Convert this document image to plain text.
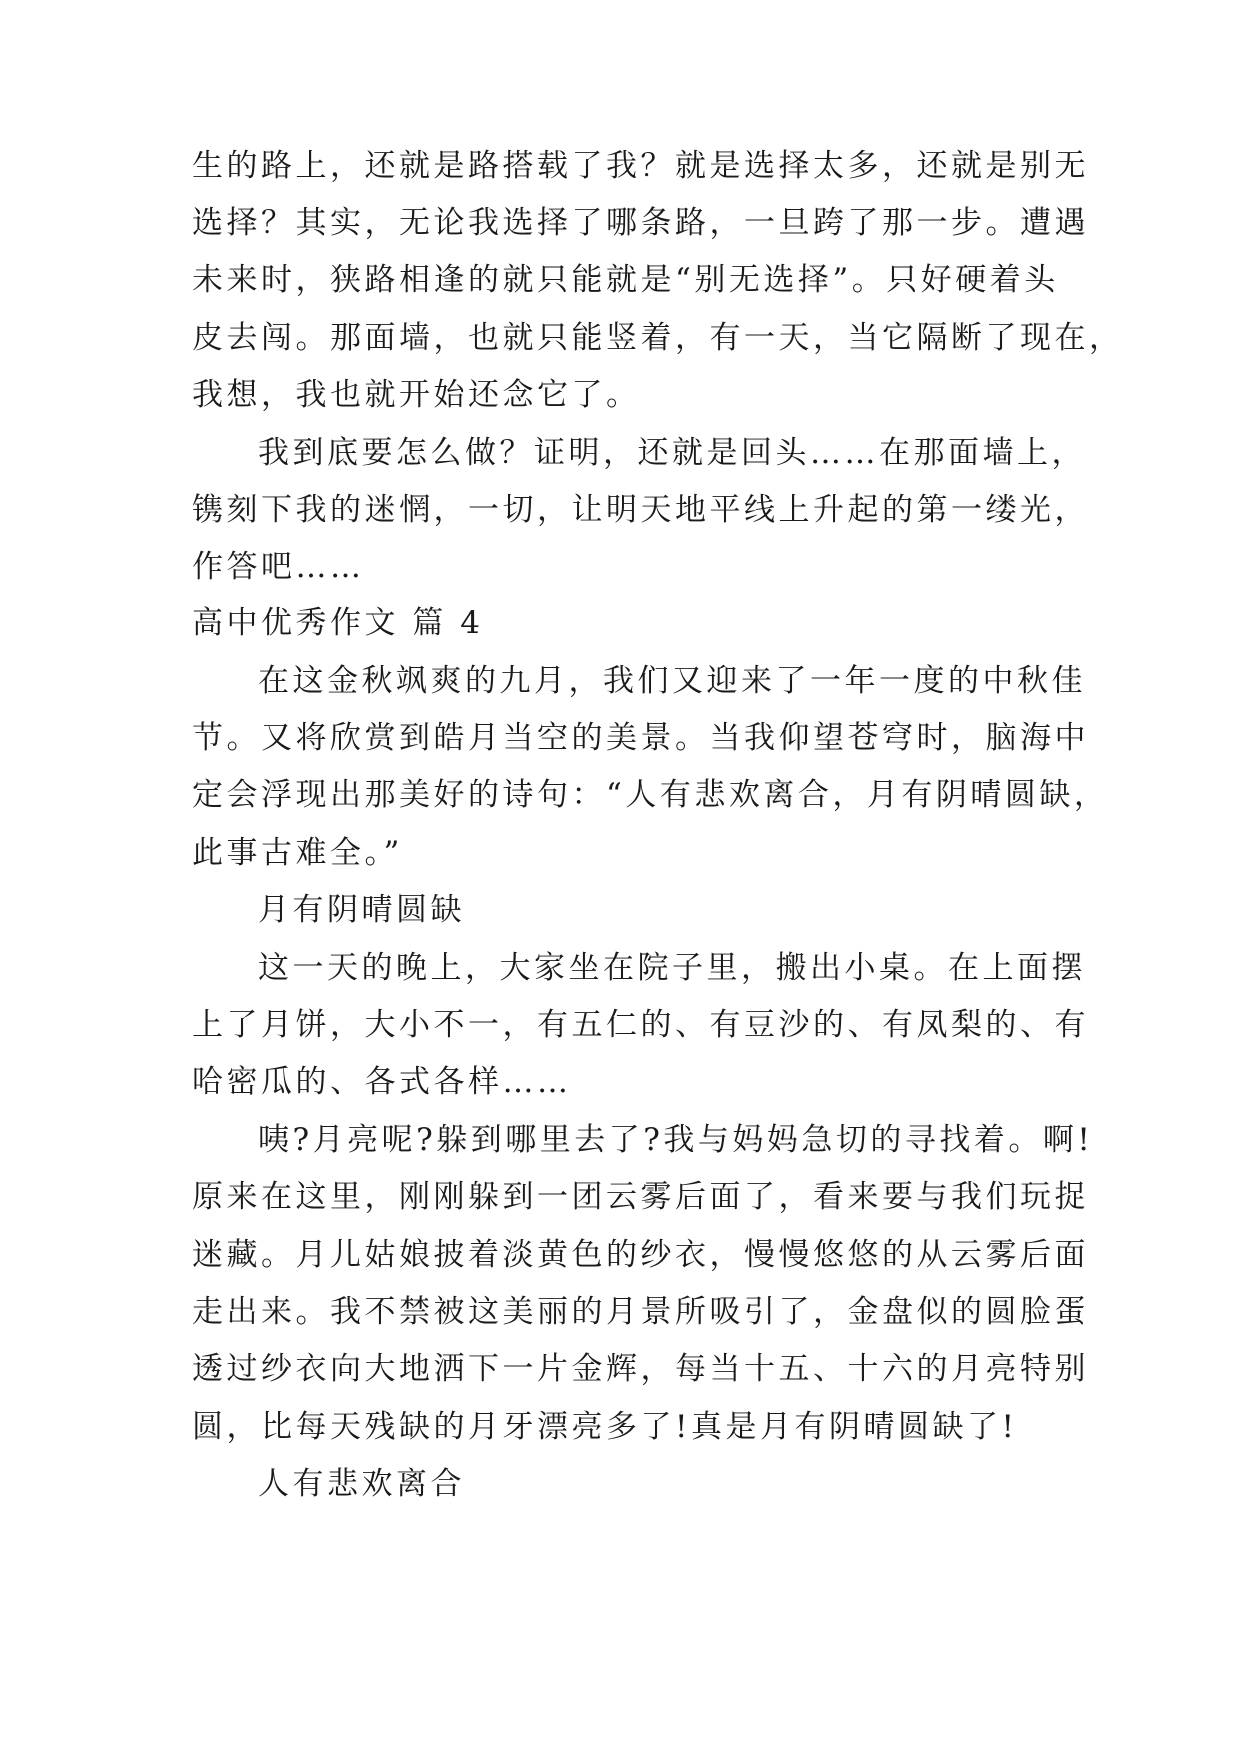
生的路上，还就是路搭载了我？就是选择太多，还就是别无
选择？其实，无论我选择了哪条路，一旦跨了那一步。遭遇
未来时，狭路相逢的就只能就是“别无选择”。只好硬着头
皮去闯。那面墙，也就只能竖着，有一天，当它隔断了现在，
我想，我也就开始还念它了。
我到底要怎么做？证明，还就是回头……在那面墙上，
镌刻下我的迷惘，一切，让明天地平线上升起的第一缕光，
作答吧……
高中优秀作文 篇 4
在这金秋飒爽的九月，我们又迎来了一年一度的中秋佳
节。又将欣赏到皓月当空的美景。当我仰望苍穹时，脑海中
定会浮现出那美好的诗句：“人有悲欢离合，月有阴晴圆缺，
此事古难全。”
月有阴晴圆缺
这一天的晚上，大家坐在院子里，搬出小桌。在上面摆
上了月饼，大小不一，有五仁的、有豆沙的、有凤梨的、有
哈密瓜的、各式各样……
咦?月亮呢?躲到哪里去了?我与妈妈急切的寻找着。啊!
原来在这里，刚刚躲到一团云雾后面了，看来要与我们玩捉
迷藏。月儿姑娘披着淡黄色的纱衣，慢慢悠悠的从云雾后面
走出来。我不禁被这美丽的月景所吸引了，金盘似的圆脸蛋
透过纱衣向大地洒下一片金辉，每当十五、十六的月亮特别
圆，比每天残缺的月牙漂亮多了!真是月有阴晴圆缺了!
人有悲欢离合
